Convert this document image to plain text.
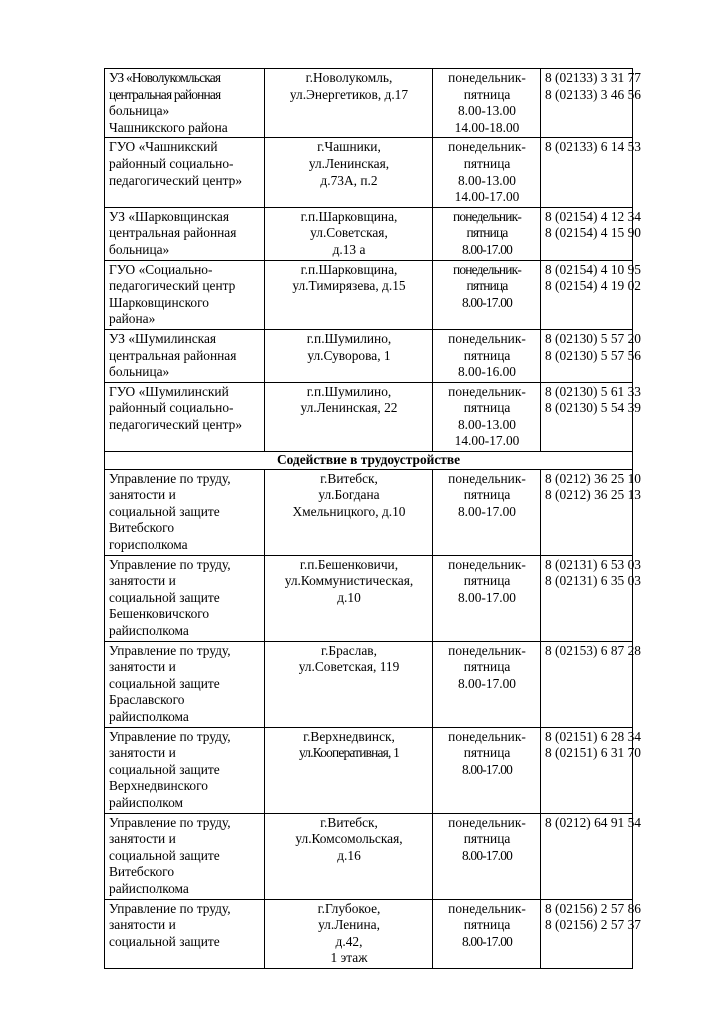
УЗ «Новолукомльская
центральная районная
больница»
Чашникского района	г.Новолукомль,
ул.Энергетиков, д.17	понедельник-
пятница
8.00-13.00
14.00-18.00	8 (02133) 3 31 77
8 (02133) 3 46 56

ГУО «Чашникский
районный социально-
педагогический центр»	г.Чашники,
ул.Ленинская,
д.73А, п.2	понедельник-
пятница
8.00-13.00
14.00-17.00	8 (02133) 6 14 53

УЗ «Шарковщинская
центральная районная
больница»	г.п.Шарковщина,
ул.Советская,
д.13 а	понедельник-
пятница
8.00-17.00	8 (02154) 4 12 34
8 (02154) 4 15 90

ГУО «Социально-
педагогический центр
Шарковщинского
района»	г.п.Шарковщина,
ул.Тимирязева, д.15	понедельник-
пятница
8.00-17.00	8 (02154) 4 10 95
8 (02154) 4 19 02

УЗ «Шумилинская
центральная районная
больница»	г.п.Шумилино,
ул.Суворова, 1	понедельник-
пятница
8.00-16.00	8 (02130) 5 57 20
8 (02130) 5 57 56

ГУО «Шумилинский
районный социально-
педагогический центр»	г.п.Шумилино,
ул.Ленинская, 22	понедельник-
пятница
8.00-13.00
14.00-17.00	8 (02130) 5 61 33
8 (02130) 5 54 39

Содействие в трудоустройстве			

Управление по труду,
занятости и
социальной защите
Витебского
горисполкома	г.Витебск,
ул.Богдана
Хмельницкого, д.10	понедельник-
пятница
8.00-17.00	8 (0212) 36 25 10
8 (0212) 36 25 13

Управление по труду,
занятости и
социальной защите
Бешенковичского
райисполкома	г.п.Бешенковичи,
ул.Коммунистическая,
д.10	понедельник-
пятница
8.00-17.00	8 (02131) 6 53 03
8 (02131) 6 35 03

Управление по труду,
занятости и
социальной защите
Браславского
райисполкома	г.Браслав,
ул.Советская, 119	понедельник-
пятница
8.00-17.00	8 (02153) 6 87 28

Управление по труду,
занятости и
социальной защите
Верхнедвинского
райисполком	г.Верхнедвинск,
ул.Кооперативная, 1	понедельник-
пятница
8.00-17.00	8 (02151) 6 28 34
8 (02151) 6 31 70

Управление по труду,
занятости и
социальной защите
Витебского
райисполкома	г.Витебск,
ул.Комсомольская,
д.16	понедельник-
пятница
8.00-17.00	8 (0212) 64 91 54

Управление по труду,
занятости и
социальной защите	г.Глубокое,
ул.Ленина,
д.42,
1 этаж	понедельник-
пятница
8.00-17.00	8 (02156) 2 57 86
8 (02156) 2 57 37
